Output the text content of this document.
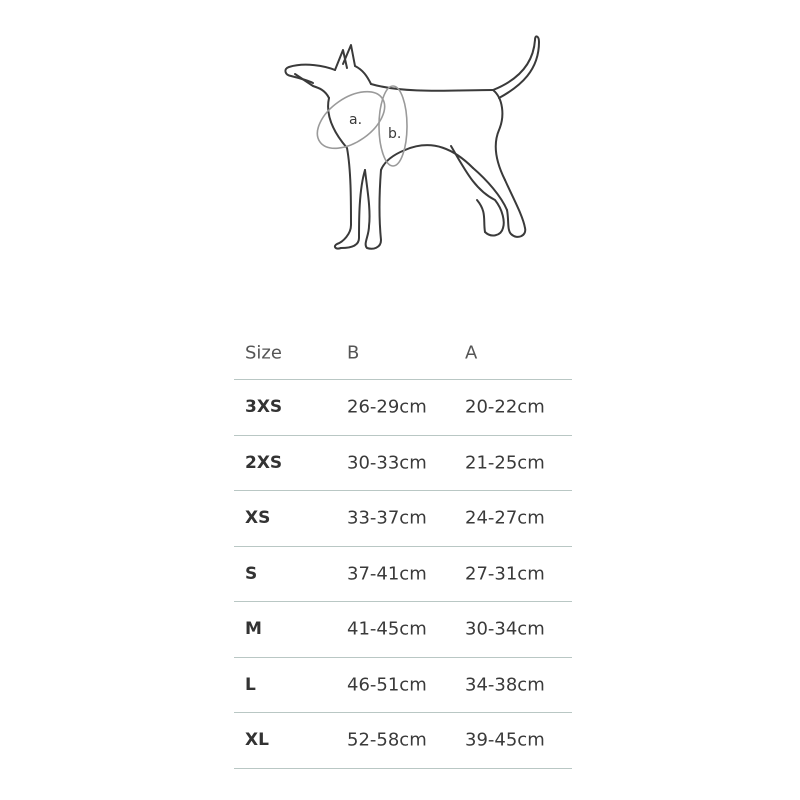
a.
b.
Size	B	A
3XS	26-29cm 20-22cm
2XS	30-33cm 21-25cm
XS	33-37cm 24-27cm
S	37-41cm 27-31cm
M	41-45cm 30-34cm
L	46-51cm 34-38cm
XL	52-58cm 39-45cm
